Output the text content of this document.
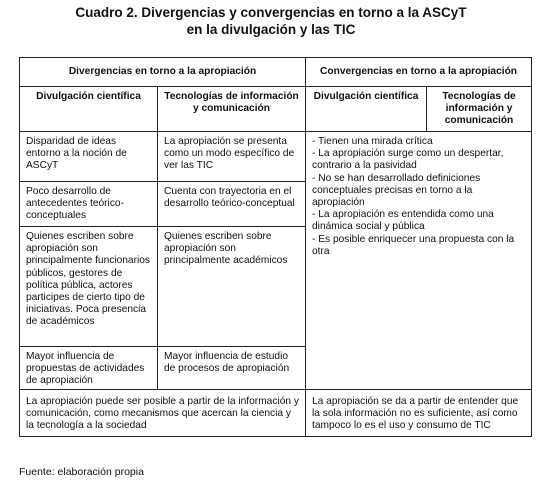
Cuadro 2. Divergencias y convergencias en torno a la ASCyT
en la divulgación y las TIC
Divergencias en torno a la apropiación		Convergencias en torno a la apropiación	
Divulgación científica	Tecnologías de información y comunicación	Divulgación científica	Tecnologías de información y comunicación
Disparidad de ideas entorno a la noción de ASCyT	La apropiación se presenta como un modo específico de ver las TIC	- Tienen una mirada crítica
- La apropiación surge como un despertar, contrario a la pasividad
- No se han desarrollado definiciones conceptuales precisas en torno a la apropiación
- La apropiación es entendida como una dinámica social y pública
- Es posible enriquecer una propuesta con la otra	

Poco desarrollo de antecedentes teórico-conceptuales	Cuenta con trayectoria en el desarrollo teórico-conceptual		
Quienes escriben sobre apropiación son principalmente funcionarios públicos, gestores de política pública, actores participes de cierto tipo de iniciativas. Poca presencia de académicos	Quienes escriben sobre apropiación son principalmente académicos		
Mayor influencia de propuestas de actividades de apropiación	Mayor influencia de estudio de procesos de apropiación		
La apropiación puede ser posible a partir de la información y comunicación, como mecanismos que acercan la ciencia y la tecnología a la sociedad		La apropiación se da a partir de entender que la sola información no es suficiente, así como tampoco lo es el uso y consumo de TIC	
Fuente: elaboración propia
